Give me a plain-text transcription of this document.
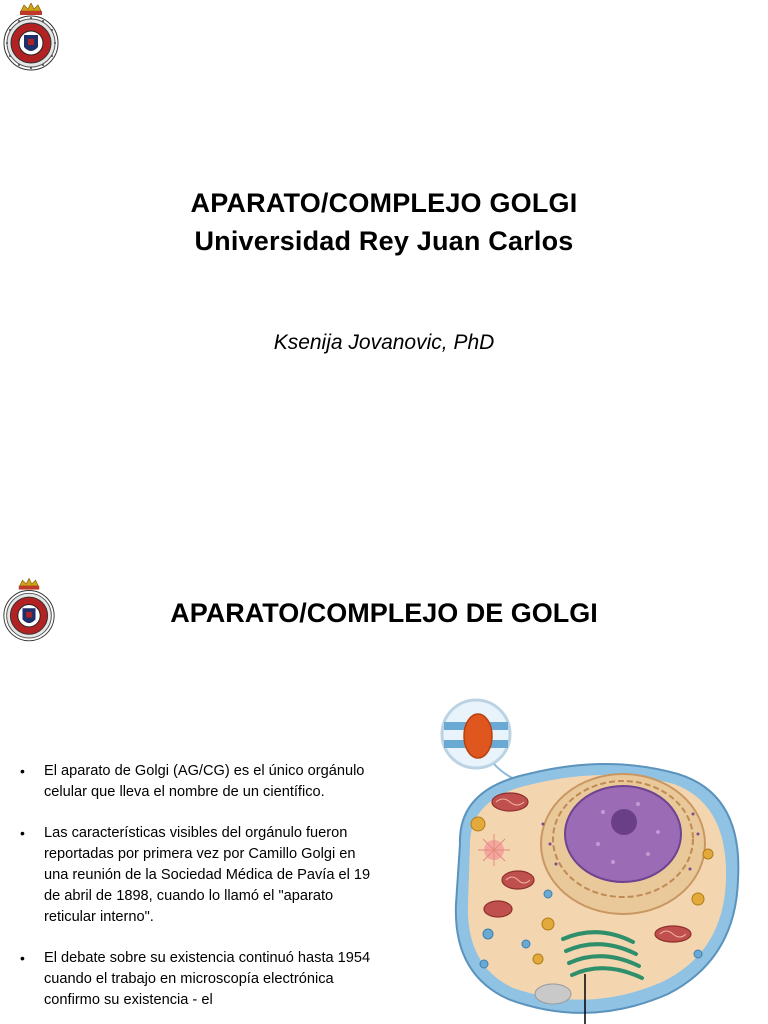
APARATO/COMPLEJO GOLGI
Universidad Rey Juan Carlos
Ksenija Jovanovic, PhD
APARATO/COMPLEJO DE GOLGI
• El aparato de Golgi (AG/CG) es el único orgánulo celular que lleva el nombre de un científico.
• Las características visibles del orgánulo fueron reportadas por primera vez por Camillo Golgi en una reunión de la Sociedad Médica de Pavía el 19 de abril de 1898, cuando lo llamó el "aparato reticular interno".
• El debate sobre su existencia continuó hasta 1954 cuando el trabajo en microscopía electrónica confirmo su existencia - el
